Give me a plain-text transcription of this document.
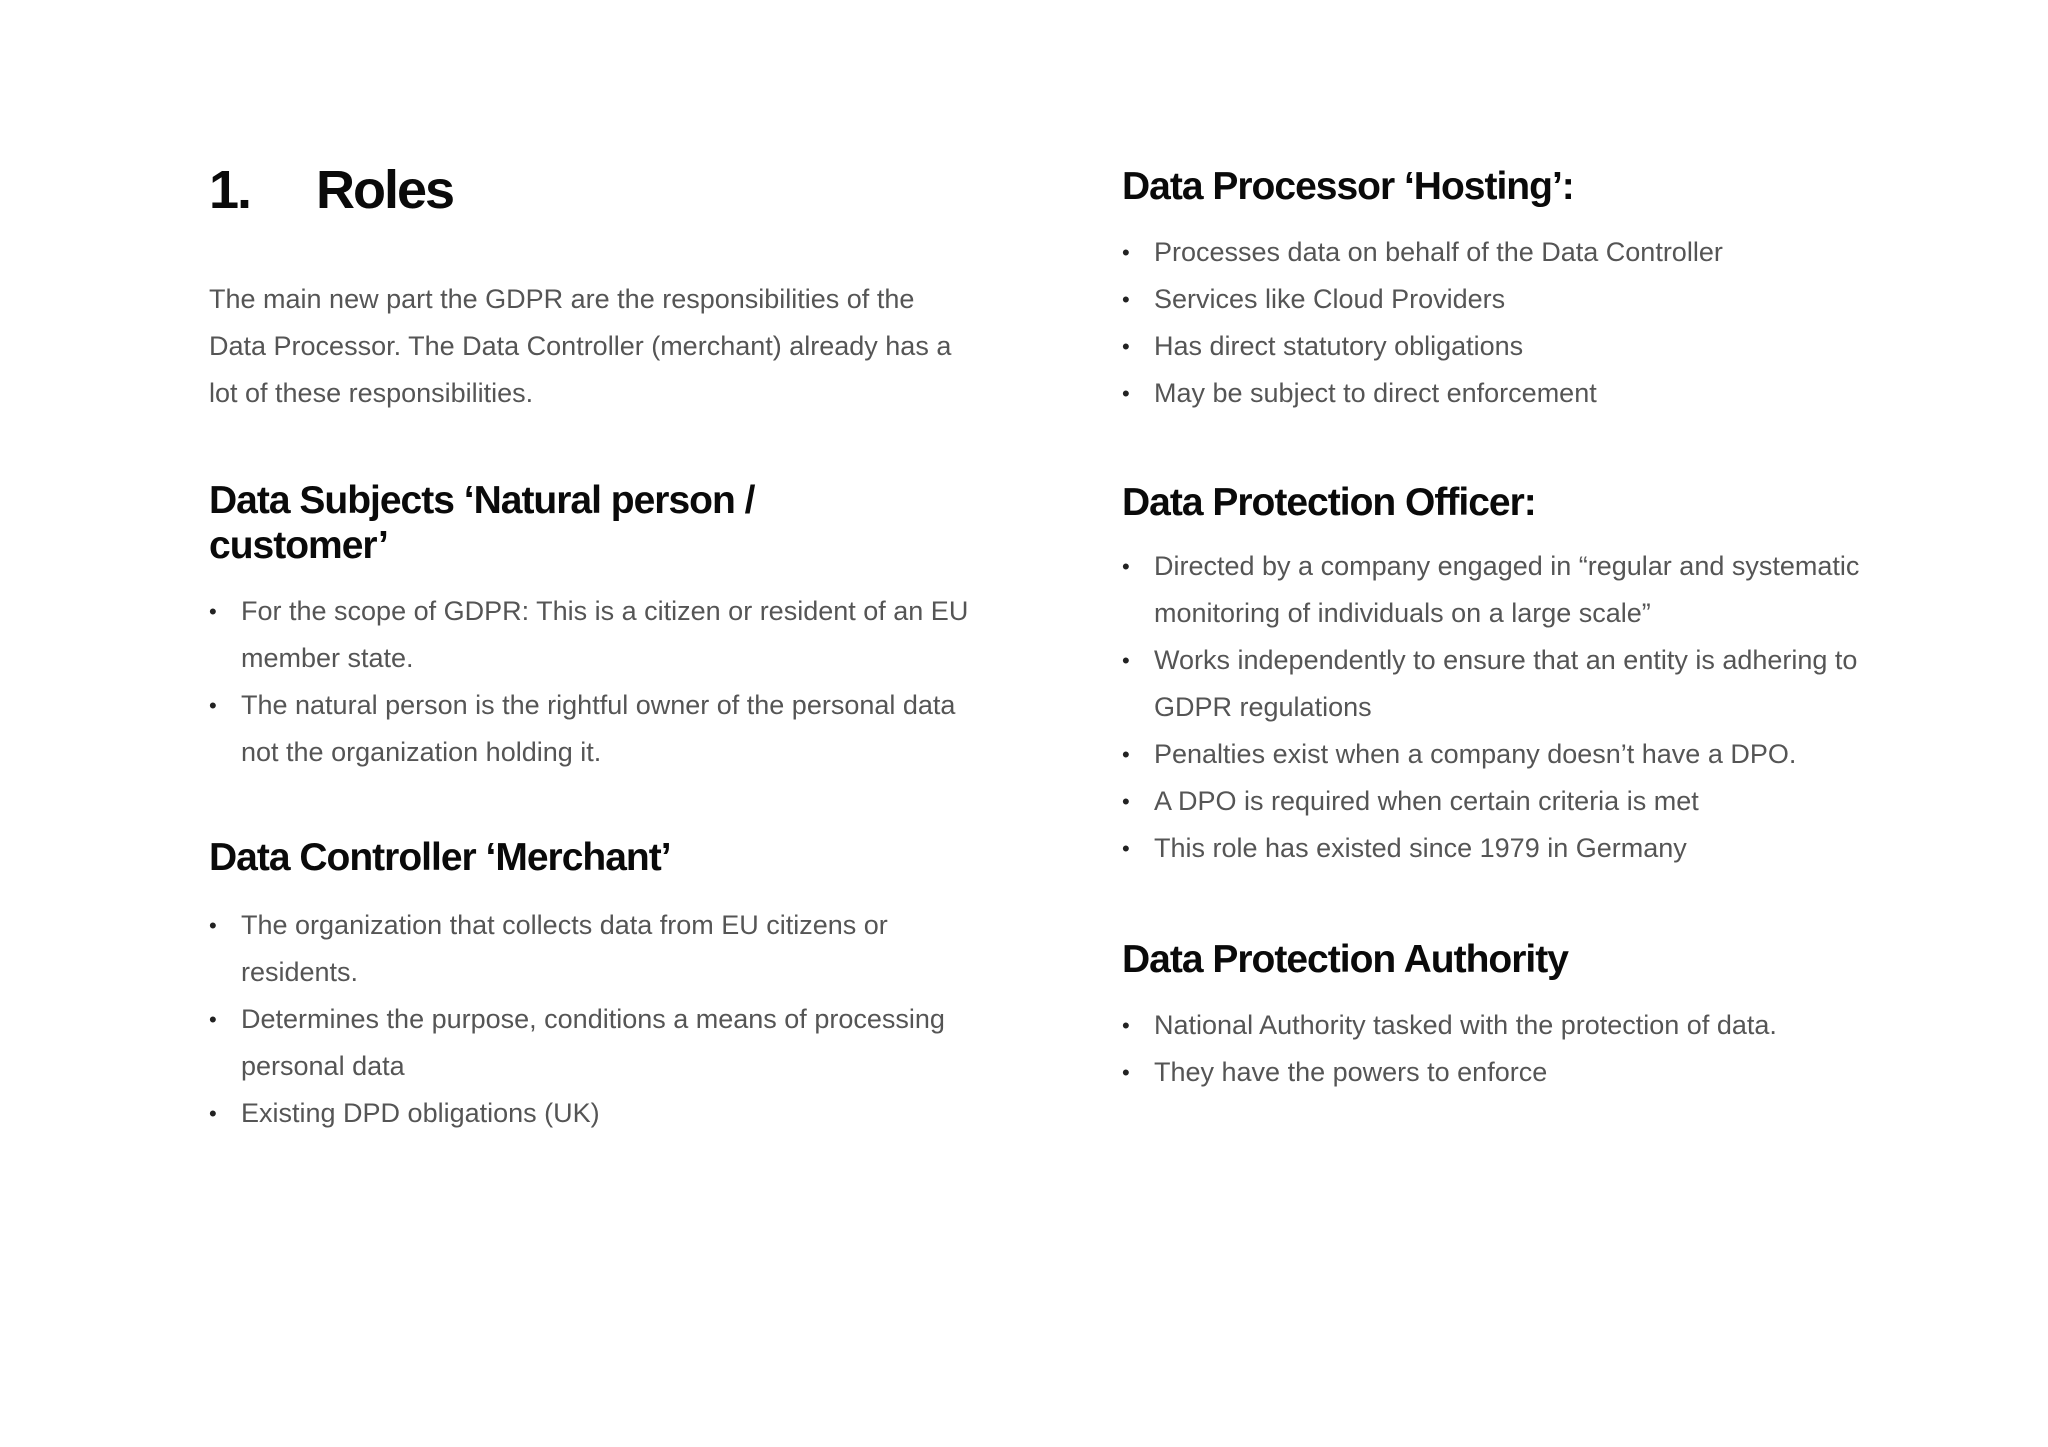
1. Roles

The main new part the GDPR are the responsibilities of the Data Processor. The Data Controller (merchant) already has a lot of these responsibilities.

Data Subjects ‘Natural person /
customer’
• For the scope of GDPR: This is a citizen or resident of an EU member state.
• The natural person is the rightful owner of the personal data not the organization holding it.
Data Controller ‘Merchant’
• The organization that collects data from EU citizens or residents.
• Determines the purpose, conditions a means of processing personal data
• Existing DPD obligations (UK)
Data Processor ‘Hosting’:
• Processes data on behalf of the Data Controller
• Services like Cloud Providers
• Has direct statutory obligations
• May be subject to direct enforcement
Data Protection Officer:
• Directed by a company engaged in “regular and systematic monitoring of individuals on a large scale”
• Works independently to ensure that an entity is adhering to GDPR regulations
• Penalties exist when a company doesn’t have a DPO.
• A DPO is required when certain criteria is met
• This role has existed since 1979 in Germany
Data Protection Authority
• National Authority tasked with the protection of data.
• They have the powers to enforce
